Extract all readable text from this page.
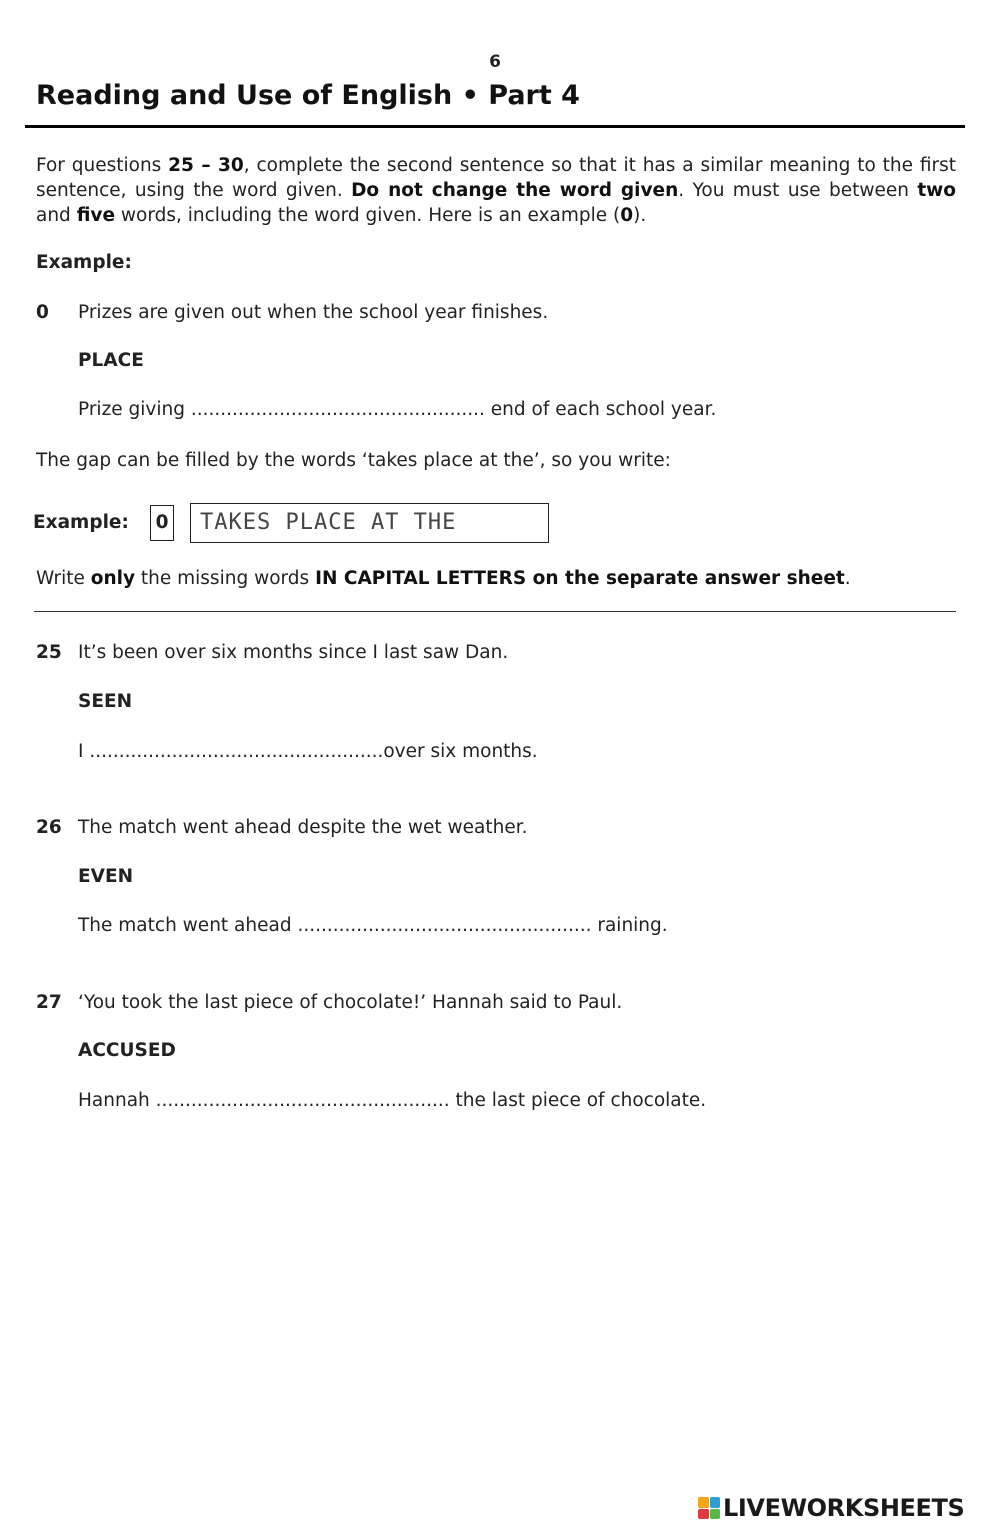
6
Reading and Use of English • Part 4
For questions 25 – 30, complete the second sentence so that it has a similar meaning to the first sentence, using the word given. Do not change the word given. You must use between two and five words, including the word given. Here is an example (0).
Example:
0 Prizes are given out when the school year finishes.
PLACE
Prize giving .................................................. end of each school year.
The gap can be filled by the words ‘takes place at the’, so you write:
Example:	0	TAKES PLACE AT THE
Write only the missing words IN CAPITAL LETTERS on the separate answer sheet.
25 It’s been over six months since I last saw Dan.
SEEN
I ..................................................over six months.
26 The match went ahead despite the wet weather.
EVEN
The match went ahead .................................................. raining.
27 ‘You took the last piece of chocolate!’ Hannah said to Paul.
ACCUSED
Hannah .................................................. the last piece of chocolate.
LIVEWORKSHEETS
